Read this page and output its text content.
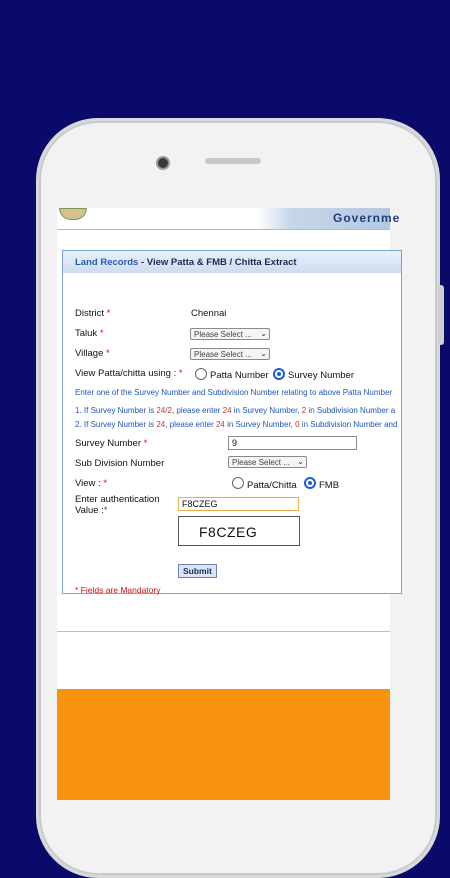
Governme
Land Records - View Patta & FMB / Chitta Extract
District *	Chennai
Taluk *	Please Select ... ⌄
Village *	Please Select ... ⌄
View Patta/chitta using : *	Patta Number Survey Number
Enter one of the Survey Number and Subdivision Number relating to above Patta Number
1. If Survey Number is 24/2, please enter 24 in Survey Number, 2 in Subdivision Number a
2. If Survey Number is 24, please enter 24 in Survey Number, 0 in Subdivision Number and
Survey Number *	9
Sub Division Number	Please Select ... ⌄
View : *	Patta/Chitta FMB
Enter authentication
Value :*
F8CZEG
F8CZEG
Submit
* Fields are Mandatory
